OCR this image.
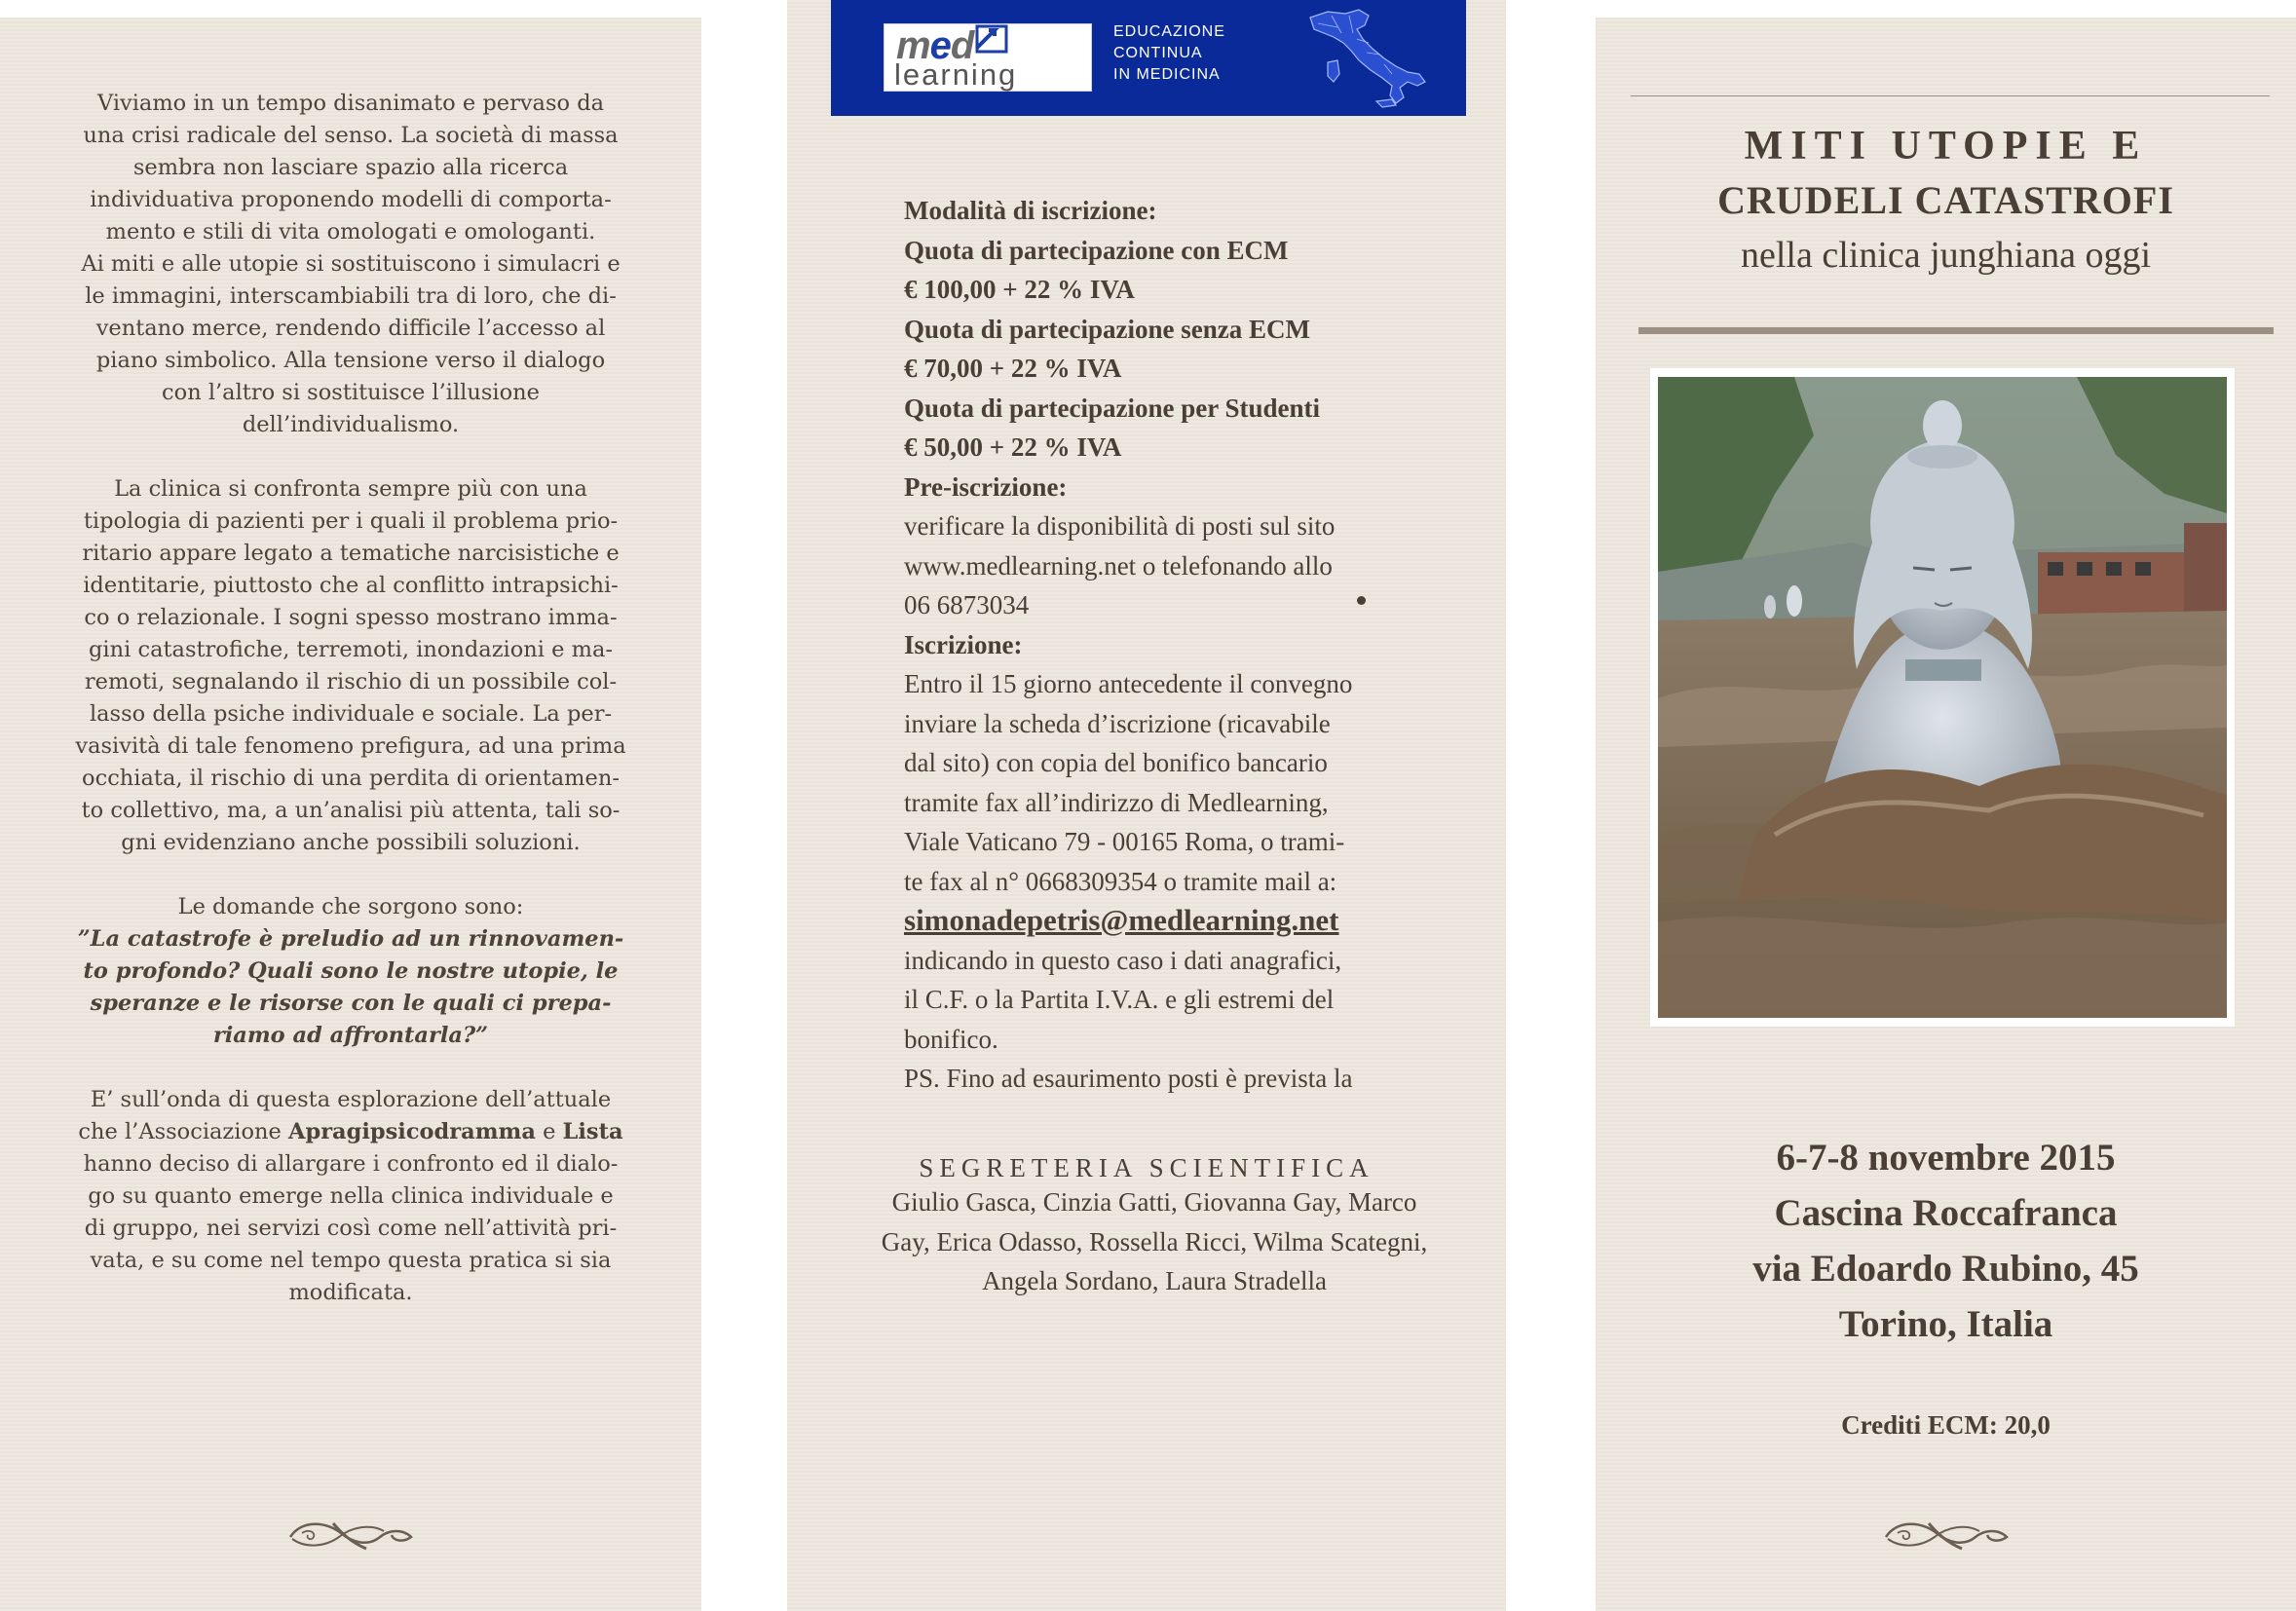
Viviamo in un tempo disanimato e pervaso da

una crisi radicale del senso. La società di massa

sembra non lasciare spazio alla ricerca

individuativa proponendo modelli di comporta-

mento e stili di vita omologati e omologanti.

Ai miti e alle utopie si sostituiscono i simulacri e

le immagini, interscambiabili tra di loro, che di-

ventano merce, rendendo difficile l’accesso al

piano simbolico. Alla tensione verso il dialogo

con l’altro si sostituisce l’illusione

dell’individualismo.

La clinica si confronta sempre più con una

tipologia di pazienti per i quali il problema prio-

ritario appare legato a tematiche narcisistiche e

identitarie, piuttosto che al conflitto intrapsichi-

co o relazionale. I sogni spesso mostrano imma-

gini catastrofiche, terremoti, inondazioni e ma-

remoti, segnalando il rischio di un possibile col-

lasso della psiche individuale e sociale. La per-

vasività di tale fenomeno prefigura, ad una prima

occhiata, il rischio di una perdita di orientamen-

to collettivo, ma, a un’analisi più attenta, tali so-

gni evidenziano anche possibili soluzioni.

Le domande che sorgono sono:

”La catastrofe è preludio ad un rinnovamen-

to profondo? Quali sono le nostre utopie, le

speranze e le risorse con le quali ci prepa-

riamo ad affrontarla?”

E’ sull’onda di questa esplorazione dell’attuale

che l’Associazione Apragipsicodramma e Lista

hanno deciso di allargare i confronto ed il dialo-

go su quanto emerge nella clinica individuale e

di gruppo, nei servizi così come nell’attività pri-

vata, e su come nel tempo questa pratica si sia

modificata.

med
learning
EDUCAZIONE
CONTINUA
IN MEDICINA
Modalità di iscrizione:
Quota di partecipazione con ECM
€ 100,00 + 22 % IVA
Quota di partecipazione senza ECM
€ 70,00 + 22 % IVA
Quota di partecipazione per Studenti
€ 50,00 + 22 % IVA
Pre-iscrizione:
verificare la disponibilità di posti sul sito
www.medlearning.net o telefonando allo
06 6873034
Iscrizione:
Entro il 15 giorno antecedente il convegno
inviare la scheda d’iscrizione (ricavabile
dal sito) con copia del bonifico bancario
tramite fax all’indirizzo di Medlearning,
Viale Vaticano 79 - 00165 Roma, o trami-
te fax al n° 0668309354 o tramite mail a:
simonadepetris@medlearning.net
indicando in questo caso i dati anagrafici,
il C.F. o la Partita I.V.A. e gli estremi del
bonifico.
PS. Fino ad esaurimento posti è prevista la
SEGRETERIA SCIENTIFICA
Giulio Gasca, Cinzia Gatti, Giovanna Gay, Marco
Gay, Erica Odasso, Rossella Ricci, Wilma Scategni,
Angela Sordano, Laura Stradella
MITI UTOPIE E
CRUDELI CATASTROFI
nella clinica junghiana oggi
6-7-8 novembre 2015
Cascina Roccafranca
via Edoardo Rubino, 45
Torino, Italia
Crediti ECM: 20,0
